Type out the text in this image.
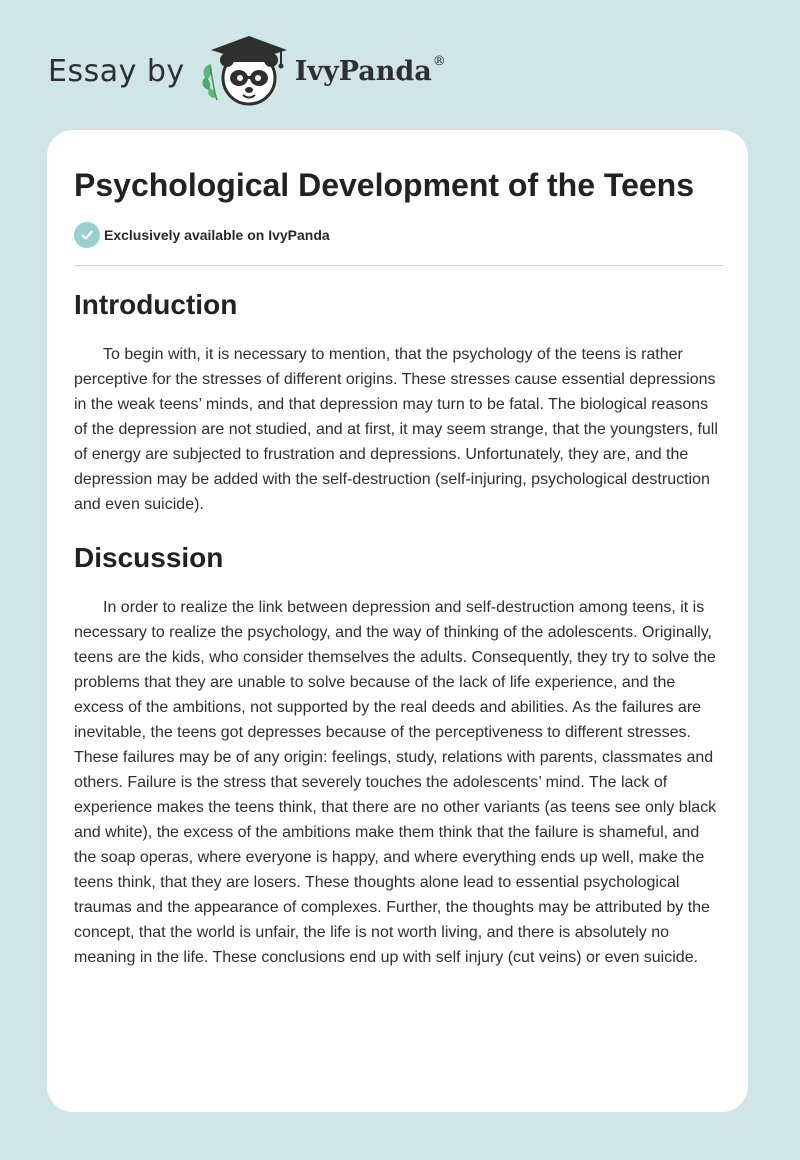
Essay by	IvyPanda ®
Psychological Development of the Teens
Exclusively available on IvyPanda
Introduction

To begin with, it is necessary to mention, that the psychology of the teens is rather perceptive for the stresses of different origins. These stresses cause essential depressions in the weak teens’ minds, and that depression may turn to be fatal. The biological reasons of the depression are not studied, and at first, it may seem strange, that the youngsters, full of energy are subjected to frustration and depressions. Unfortunately, they are, and the depression may be added with the self-destruction (self-injuring, psychological destruction and even suicide).

Discussion

In order to realize the link between depression and self-destruction among teens, it is necessary to realize the psychology, and the way of thinking of the adolescents. Originally, teens are the kids, who consider themselves the adults. Consequently, they try to solve the problems that they are unable to solve because of the lack of life experience, and the excess of the ambitions, not supported by the real deeds and abilities. As the failures are inevitable, the teens got depresses because of the perceptiveness to different stresses. These failures may be of any origin: feelings, study, relations with parents, classmates and others. Failure is the stress that severely touches the adolescents’ mind. The lack of experience makes the teens think, that there are no other variants (as teens see only black and white), the excess of the ambitions make them think that the failure is shameful, and the soap operas, where everyone is happy, and where everything ends up well, make the teens think, that they are losers. These thoughts alone lead to essential psychological traumas and the appearance of complexes. Further, the thoughts may be attributed by the concept, that the world is unfair, the life is not worth living, and there is absolutely no meaning in the life. These conclusions end up with self injury (cut veins) or even suicide.
